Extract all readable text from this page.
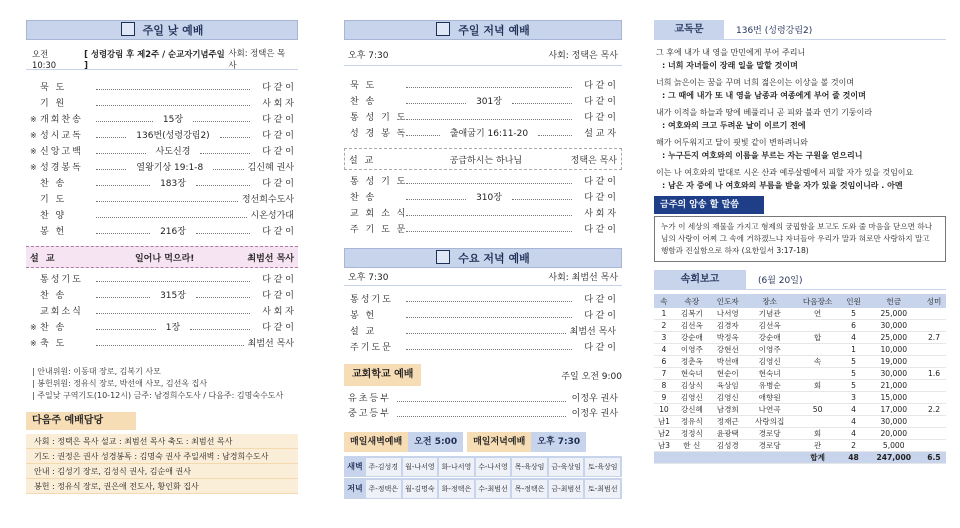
주일 낮 예배
오전 10:30
[ 성령강림 후 제2주 / 순교자기념주일 ]
사회: 정택은 목사
묵 도	다 같 이
기 원	사 회 자
※ 개회찬송	15장	다 같 이
※ 성시교독	136번(성령강림2)	다 같 이
※ 신앙고백	사도신경	다 같 이
※ 성경봉독	열왕기상 19:1-8	김신혜 권사
찬 송	183장	다 같 이
기 도	정선희수도사
찬 양	시온성가대
봉 헌	216장	다 같 이
설 교	일어나 먹으라!	최범선 목사
통성기도	다 같 이
찬 송	315장	다 같 이
교회소식	사 회 자
※ 찬 송	1장	다 같 이
※ 축 도	최범선 목사
| 안내위원: 이동대 장로, 김복기 사모
| 봉헌위원: 정유식 장로, 박선애 사모, 김선옥 집사
| 주일낮 구역기도(10-12시) 금주: 남경희수도사 / 다음주: 김명숙수도사
다음주 예배담당
사회 : 정택은 목사 설교 : 최범선 목사 축도 : 최범선 목사
기도 : 권정은 권사 성경봉독 : 김명숙 권사 주일새벽 : 남경희수도사
안내 : 김성기 장로, 김성식 권사, 김순애 권사
봉헌 : 정유식 장로, 권은애 전도사, 황인화 집사
주일 저녁 예배
오후 7:30	사회: 정택은 목사
묵 도	다 같 이
찬 송	301장	다 같 이
통 성 기 도	다 같 이
성 경 봉 독	출애굽기 16:11-20	설 교 자
설 교	공급하시는 하나님	정택은 목사
통 성 기 도	다 같 이
찬 송	310장	다 같 이
교 회 소 식	사 회 자
주 기 도 문	다 같 이
수요 저녁 예배
오후 7:30	사회: 최범선 목사
통성기도	다 같 이
봉 헌	다 같 이
설 교	최범선 목사
주기도문	다 같 이
교회학교 예배	주일 오전 9:00
유초등부	이정우 권사
중고등부	이정우 권사
매일새벽예배	오전 5:00	매일저녁예배	오후 7:30
새벽 주-김성경	월-나서영	화-나서영	수-나서영	목-육상임	금-육상임	토-육상임
저녁 주-정택은	월-김명숙	화-정택은	수-최범선	목-정택은	금-최범선	토-최범선
교독문	136번 (성령강림2)
그 후에 내가 내 영을 만민에게 부어 주리니
: 너희 자녀들이 장래 일을 말할 것이며
너희 늙은이는 꿈을 꾸며 너희 젊은이는 이상을 볼 것이며
: 그 때에 내가 또 내 영을 남종과 여종에게 부어 줄 것이며
내가 이적을 하늘과 땅에 베풀리니 곧 피와 불과 연기 기둥이라
: 여호와의 크고 두려운 날이 이르기 전에
해가 어두워지고 달이 핏빛 같이 변하려니와
: 누구든지 여호와의 이름을 부르는 자는 구원을 얻으리니
이는 나 여호와의 말대로 시온 산과 예루살렘에서 피할 자가 있을 것임이요
: 남은 자 중에 나 여호와의 부름을 받을 자가 있을 것임이니라 . 아멘
금주의 암송 할 말씀
누가 이 세상의 재물을 가지고 형제의 궁핍함을 보고도 도와 줄 마음을 닫으면 하나님의 사랑이 어찌 그 속에 거하겠느냐 자녀들아 우리가 말과 혀로만 사랑하지 말고 행함과 진실함으로 하자 (요한일서 3:17-18)
속회보고	(6월 20일)
속	속장	인도자	장소	다음장소	인원	헌금	성미
1	김복기	나서영	기념관	연	5	25,000	
2	김선옥	김경자	김선옥		6	30,000	
3	강순애	박정옥	강순애	합	4	25,000	2.7
4	이영주	강현선	이영주		1	10,000	
6	정춘옥	박선애	김영신	속	5	19,000	
7	현숙녀	현순이	현숙녀		5	30,000	1.6
8	김상식	육상임	유병순	회	5	21,000	
9	김영신	김영신	애향원		3	15,000	
10	강신혜	남경희	나연곡	50	4	17,000	2.2
남1	정유식	정재근	사랑의집		4	30,000	
남2	정정식	윤광택	경로당	회	4	20,000	
남3	한 신	김성경	경로당	관	2	5,000	
				합계	48	247,000	6.5
